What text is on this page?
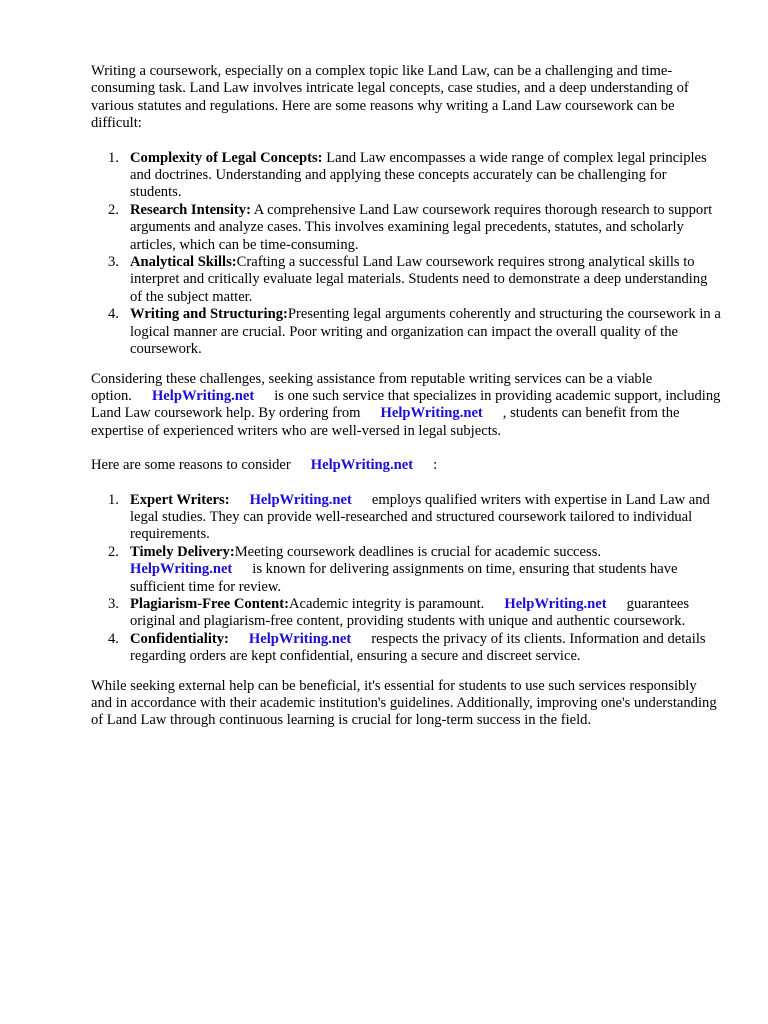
Writing a coursework, especially on a complex topic like Land Law, can be a challenging and time-consuming task. Land Law involves intricate legal concepts, case studies, and a deep understanding of various statutes and regulations. Here are some reasons why writing a Land Law coursework can be difficult:

1. Complexity of Legal Concepts: Land Law encompasses a wide range of complex legal principles and doctrines. Understanding and applying these concepts accurately can be challenging for students.
2. Research Intensity: A comprehensive Land Law coursework requires thorough research to support arguments and analyze cases. This involves examining legal precedents, statutes, and scholarly articles, which can be time-consuming.
3. Analytical Skills:Crafting a successful Land Law coursework requires strong analytical skills to interpret and critically evaluate legal materials. Students need to demonstrate a deep understanding of the subject matter.
4. Writing and Structuring:Presenting legal arguments coherently and structuring the coursework in a logical manner are crucial. Poor writing and organization can impact the overall quality of the coursework.

Considering these challenges, seeking assistance from reputable writing services can be a viable option. HelpWriting.net is one such service that specializes in providing academic support, including Land Law coursework help. By ordering from HelpWriting.net , students can benefit from the expertise of experienced writers who are well-versed in legal subjects.

Here are some reasons to consider HelpWriting.net :

1. Expert Writers: HelpWriting.net employs qualified writers with expertise in Land Law and legal studies. They can provide well-researched and structured coursework tailored to individual requirements.
2. Timely Delivery:Meeting coursework deadlines is crucial for academic success. HelpWriting.net is known for delivering assignments on time, ensuring that students have sufficient time for review.
3. Plagiarism-Free Content:Academic integrity is paramount. HelpWriting.net guarantees original and plagiarism-free content, providing students with unique and authentic coursework.
4. Confidentiality: HelpWriting.net respects the privacy of its clients. Information and details regarding orders are kept confidential, ensuring a secure and discreet service.

While seeking external help can be beneficial, it's essential for students to use such services responsibly and in accordance with their academic institution's guidelines. Additionally, improving one's understanding of Land Law through continuous learning is crucial for long-term success in the field.
